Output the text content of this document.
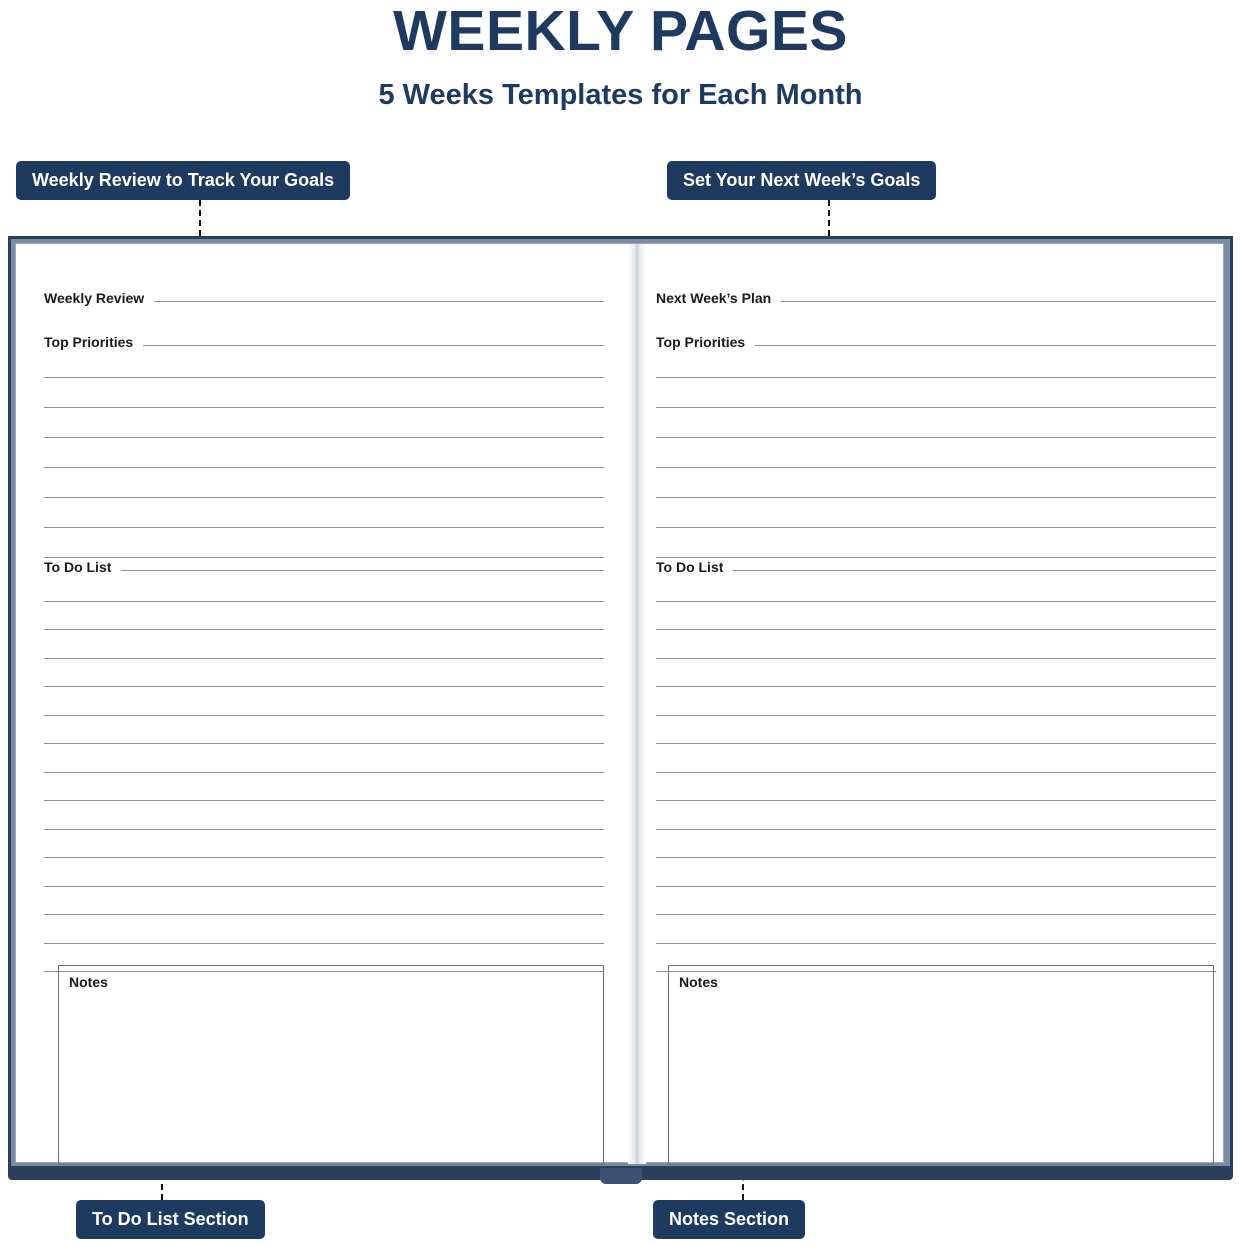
WEEKLY PAGES
5 Weeks Templates for Each Month
Weekly Review to Track Your Goals	Set Your Next Week’s Goals
To Do List Section	Notes Section
Weekly Review
Top Priorities
To Do List
Notes
Next Week’s Plan
Top Priorities
To Do List
Notes
